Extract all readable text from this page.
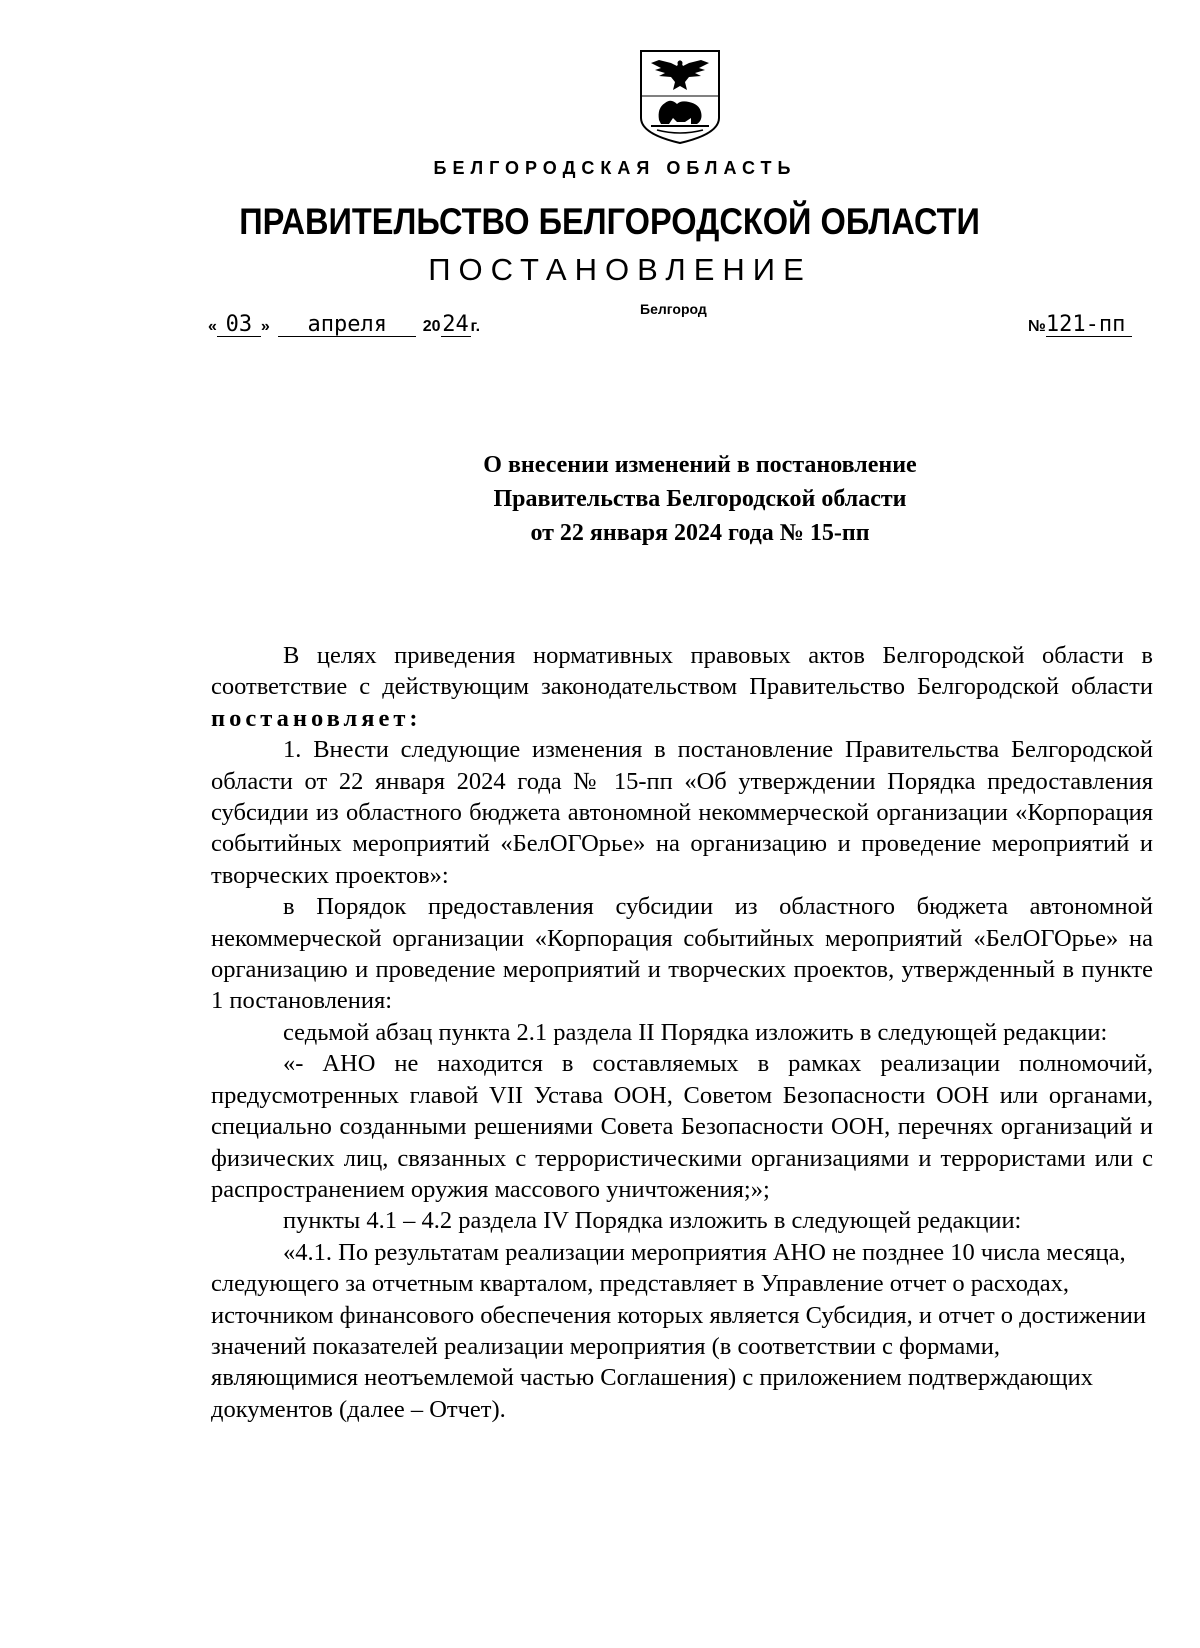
БЕЛГОРОДСКАЯ ОБЛАСТЬ
ПРАВИТЕЛЬСТВО БЕЛГОРОДСКОЙ ОБЛАСТИ
ПОСТАНОВЛЕНИЕ
Белгород
« 03 » апреля 2024 г.	№121-пп
О внесении изменений в постановление
Правительства Белгородской области
от 22 января 2024 года № 15-пп

В целях приведения нормативных правовых актов Белгородской области в соответствие с действующим законодательством Правительство Белгородской области постановляет:

1. Внести следующие изменения в постановление Правительства Белгородской области от 22 января 2024 года № 15-пп «Об утверждении Порядка предоставления субсидии из областного бюджета автономной некоммерческой организации «Корпорация событийных мероприятий «БелОГОрье» на организацию и проведение мероприятий и творческих проектов»:

в Порядок предоставления субсидии из областного бюджета автономной некоммерческой организации «Корпорация событийных мероприятий «БелОГОрье» на организацию и проведение мероприятий и творческих проектов, утвержденный в пункте 1 постановления:

седьмой абзац пункта 2.1 раздела II Порядка изложить в следующей редакции:

«- АНО не находится в составляемых в рамках реализации полномочий, предусмотренных главой VII Устава ООН, Советом Безопасности ООН или органами, специально созданными решениями Совета Безопасности ООН, перечнях организаций и физических лиц, связанных с террористическими организациями и террористами или с распространением оружия массового уничтожения;»;

пункты 4.1 – 4.2 раздела IV Порядка изложить в следующей редакции:

«4.1. По результатам реализации мероприятия АНО не позднее 10 числа месяца, следующего за отчетным кварталом, представляет в Управление отчет о расходах, источником финансового обеспечения которых является Субсидия, и отчет о достижении значений показателей реализации мероприятия (в соответствии с формами, являющимися неотъемлемой частью Соглашения) с приложением подтверждающих документов (далее – Отчет).
